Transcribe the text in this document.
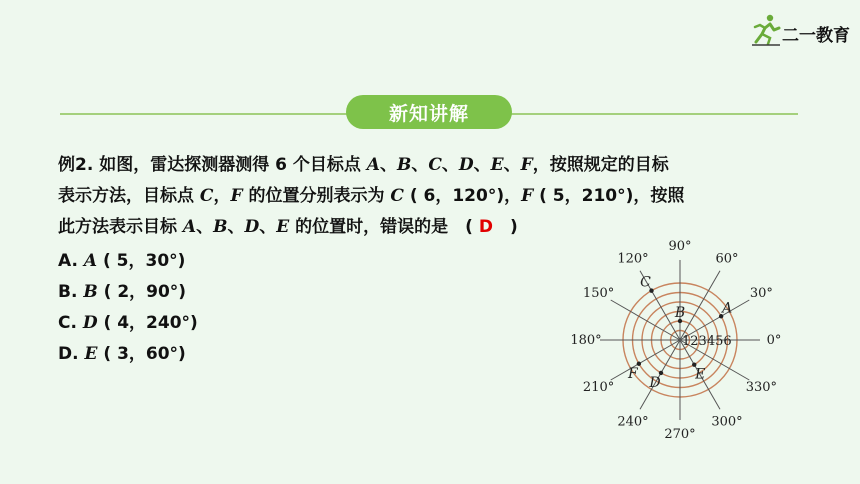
二一教育
新知讲解
例2. 如图，雷达探测器测得 6 个目标点 A、B、C、D、E、F，按照规定的目标
表示方法，目标点 C，F 的位置分别表示为 C ( 6，120°)，F ( 5，210°)，按照
此方法表示目标 A、B、D、E 的位置时，错误的是　( D　)
A. A ( 5，30°)
B. B ( 2，90°)
C. D ( 4，240°)
D. E ( 3，60°)
0°
30°
60°
90°
120°
150°
180°
210°
240°
270°
300°
330°
123456
A
B
C
D
E
F
